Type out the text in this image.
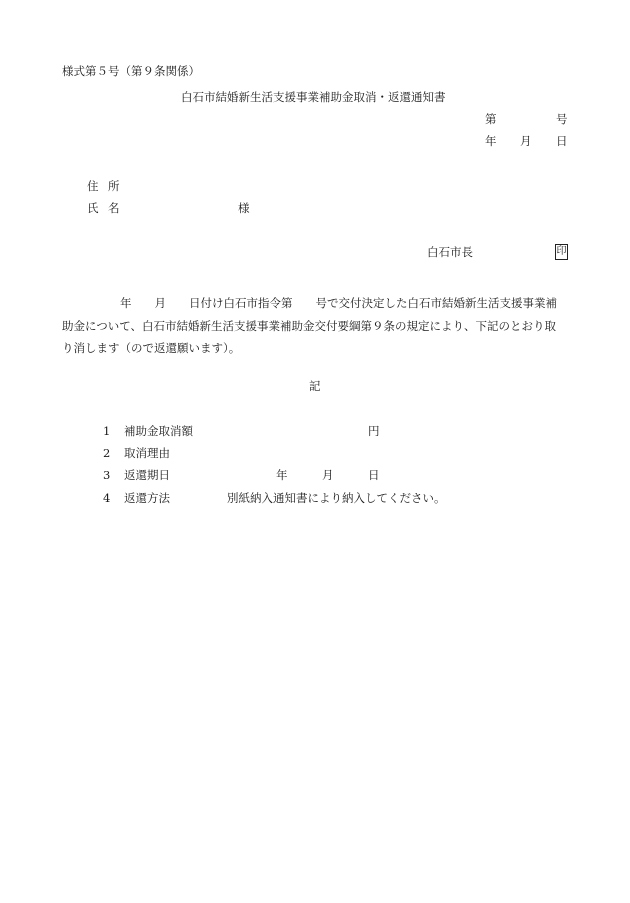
様式第５号（第９条関係）
白石市結婚新生活支援事業補助金取消・返還通知書
第	号
年 月 日
住 所
氏 名	様
白石市長	印
年 月 日付け白石市指令第 号で交付決定した白石市結婚新生活支援事業補
助金について、白石市結婚新生活支援事業補助金交付要綱第９条の規定により、下記のとおり取
り消します（ので返還願います）。
記
1 補助金取消額	円
2 取消理由
3 返還期日	年	月	日
4 返還方法	別紙納入通知書により納入してください。
